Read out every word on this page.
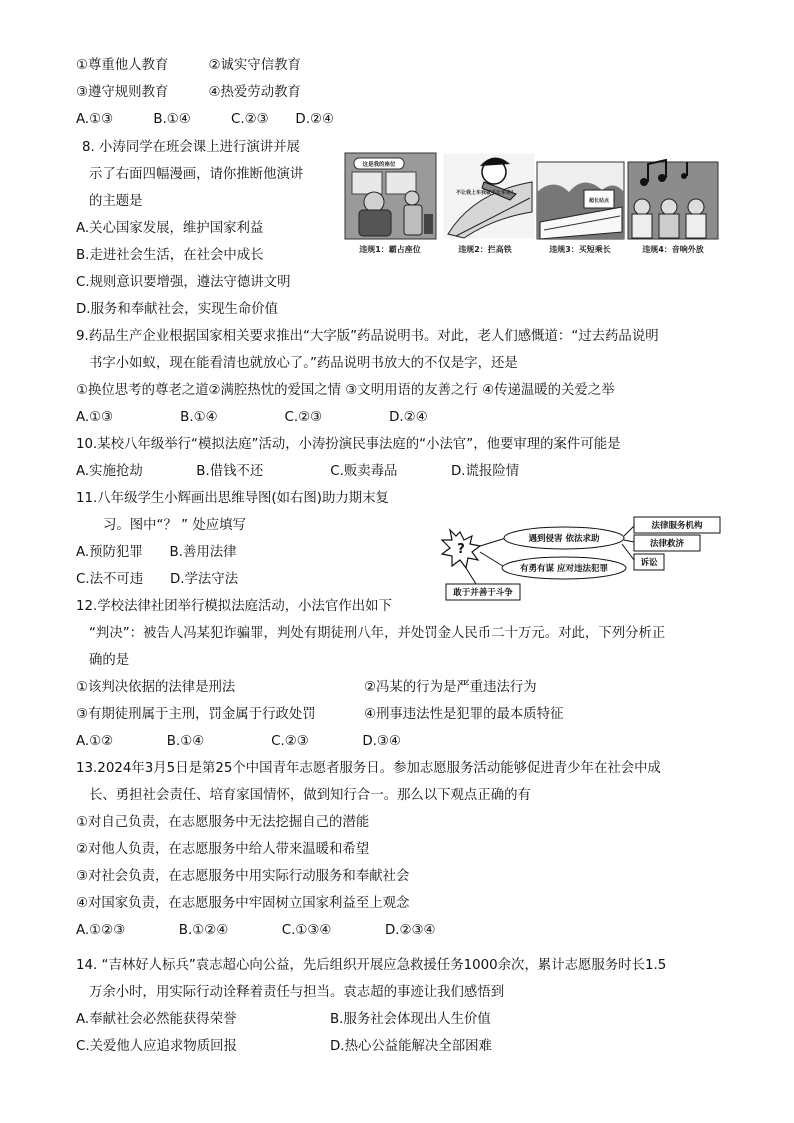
①尊重他人教育　　　②诚实守信教育
③遵守规则教育　　　④热爱劳动教育
A.①③　　　B.①④　　　C.②③　　D.②④
8. 小涛同学在班会课上进行演讲并展
示了右面四幅漫画，请你推断他演讲
的主题是
A.关心国家发展，维护国家利益
B.走进社会生活，在社会中成长
C.规则意识要增强，遵法守德讲文明
D.服务和奉献社会，实现生命价值
这是我的座位
违规1：霸占座位
不让我上车我就不让车走!
违规2：拦高铁
超长站点
违规3：买短乘长	违规4：音响外放
9.药品生产企业根据国家相关要求推出“大字版”药品说明书。对此，老人们感慨道：“过去药品说明
书字小如蚁，现在能看清也就放心了。”药品说明书放大的不仅是字，还是
①换位思考的尊老之道②满腔热忱的爱国之情 ③文明用语的友善之行 ④传递温暖的关爱之举
A.①③　　　　　B.①④　　　　　C.②③　　　　　D.②④
10.某校八年级举行“模拟法庭”活动，小涛扮演民事法庭的“小法官”，他要审理的案件可能是
A.实施抢劫　　　　B.借钱不还　　　　　C.贩卖毒品　　　　D.谎报险情
11.八年级学生小辉画出思维导图(如右图)助力期末复
习。图中“？ ” 处应填写
A.预防犯罪　　B.善用法律
C.法不可违　　D.学法守法
?
遇到侵害 依法求助
有勇有谋 应对违法犯罪
敢于并善于斗争
法律服务机构
法律救济
诉讼
12.学校法律社团举行模拟法庭活动，小法官作出如下
“判决”：被告人冯某犯诈骗罪，判处有期徒刑八年，并处罚金人民币二十万元。对此，下列分析正
确的是
①该判决依据的法律是刑法	②冯某的行为是严重违法行为
③有期徒刑属于主刑，罚金属于行政处罚	④刑事违法性是犯罪的最本质特征
A.①②　　　　B.①④　　　　　C.②③　　　　D.③④
13.2024年3月5日是第25个中国青年志愿者服务日。参加志愿服务活动能够促进青少年在社会中成
长、勇担社会责任、培育家国情怀，做到知行合一。那么以下观点正确的有
①对自己负责，在志愿服务中无法挖掘自己的潜能
②对他人负责，在志愿服务中给人带来温暖和希望
③对社会负责，在志愿服务中用实际行动服务和奉献社会
④对国家负责，在志愿服务中牢固树立国家利益至上观念
A.①②③　　　　B.①②④　　　　C.①③④　　　　D.②③④
14. “吉林好人标兵”袁志超心向公益，先后组织开展应急救援任务1000余次，累计志愿服务时长1.5
万余小时，用实际行动诠释着责任与担当。袁志超的事迹让我们感悟到
A.奉献社会必然能获得荣誉	B.服务社会体现出人生价值
C.关爱他人应追求物质回报	D.热心公益能解决全部困难
